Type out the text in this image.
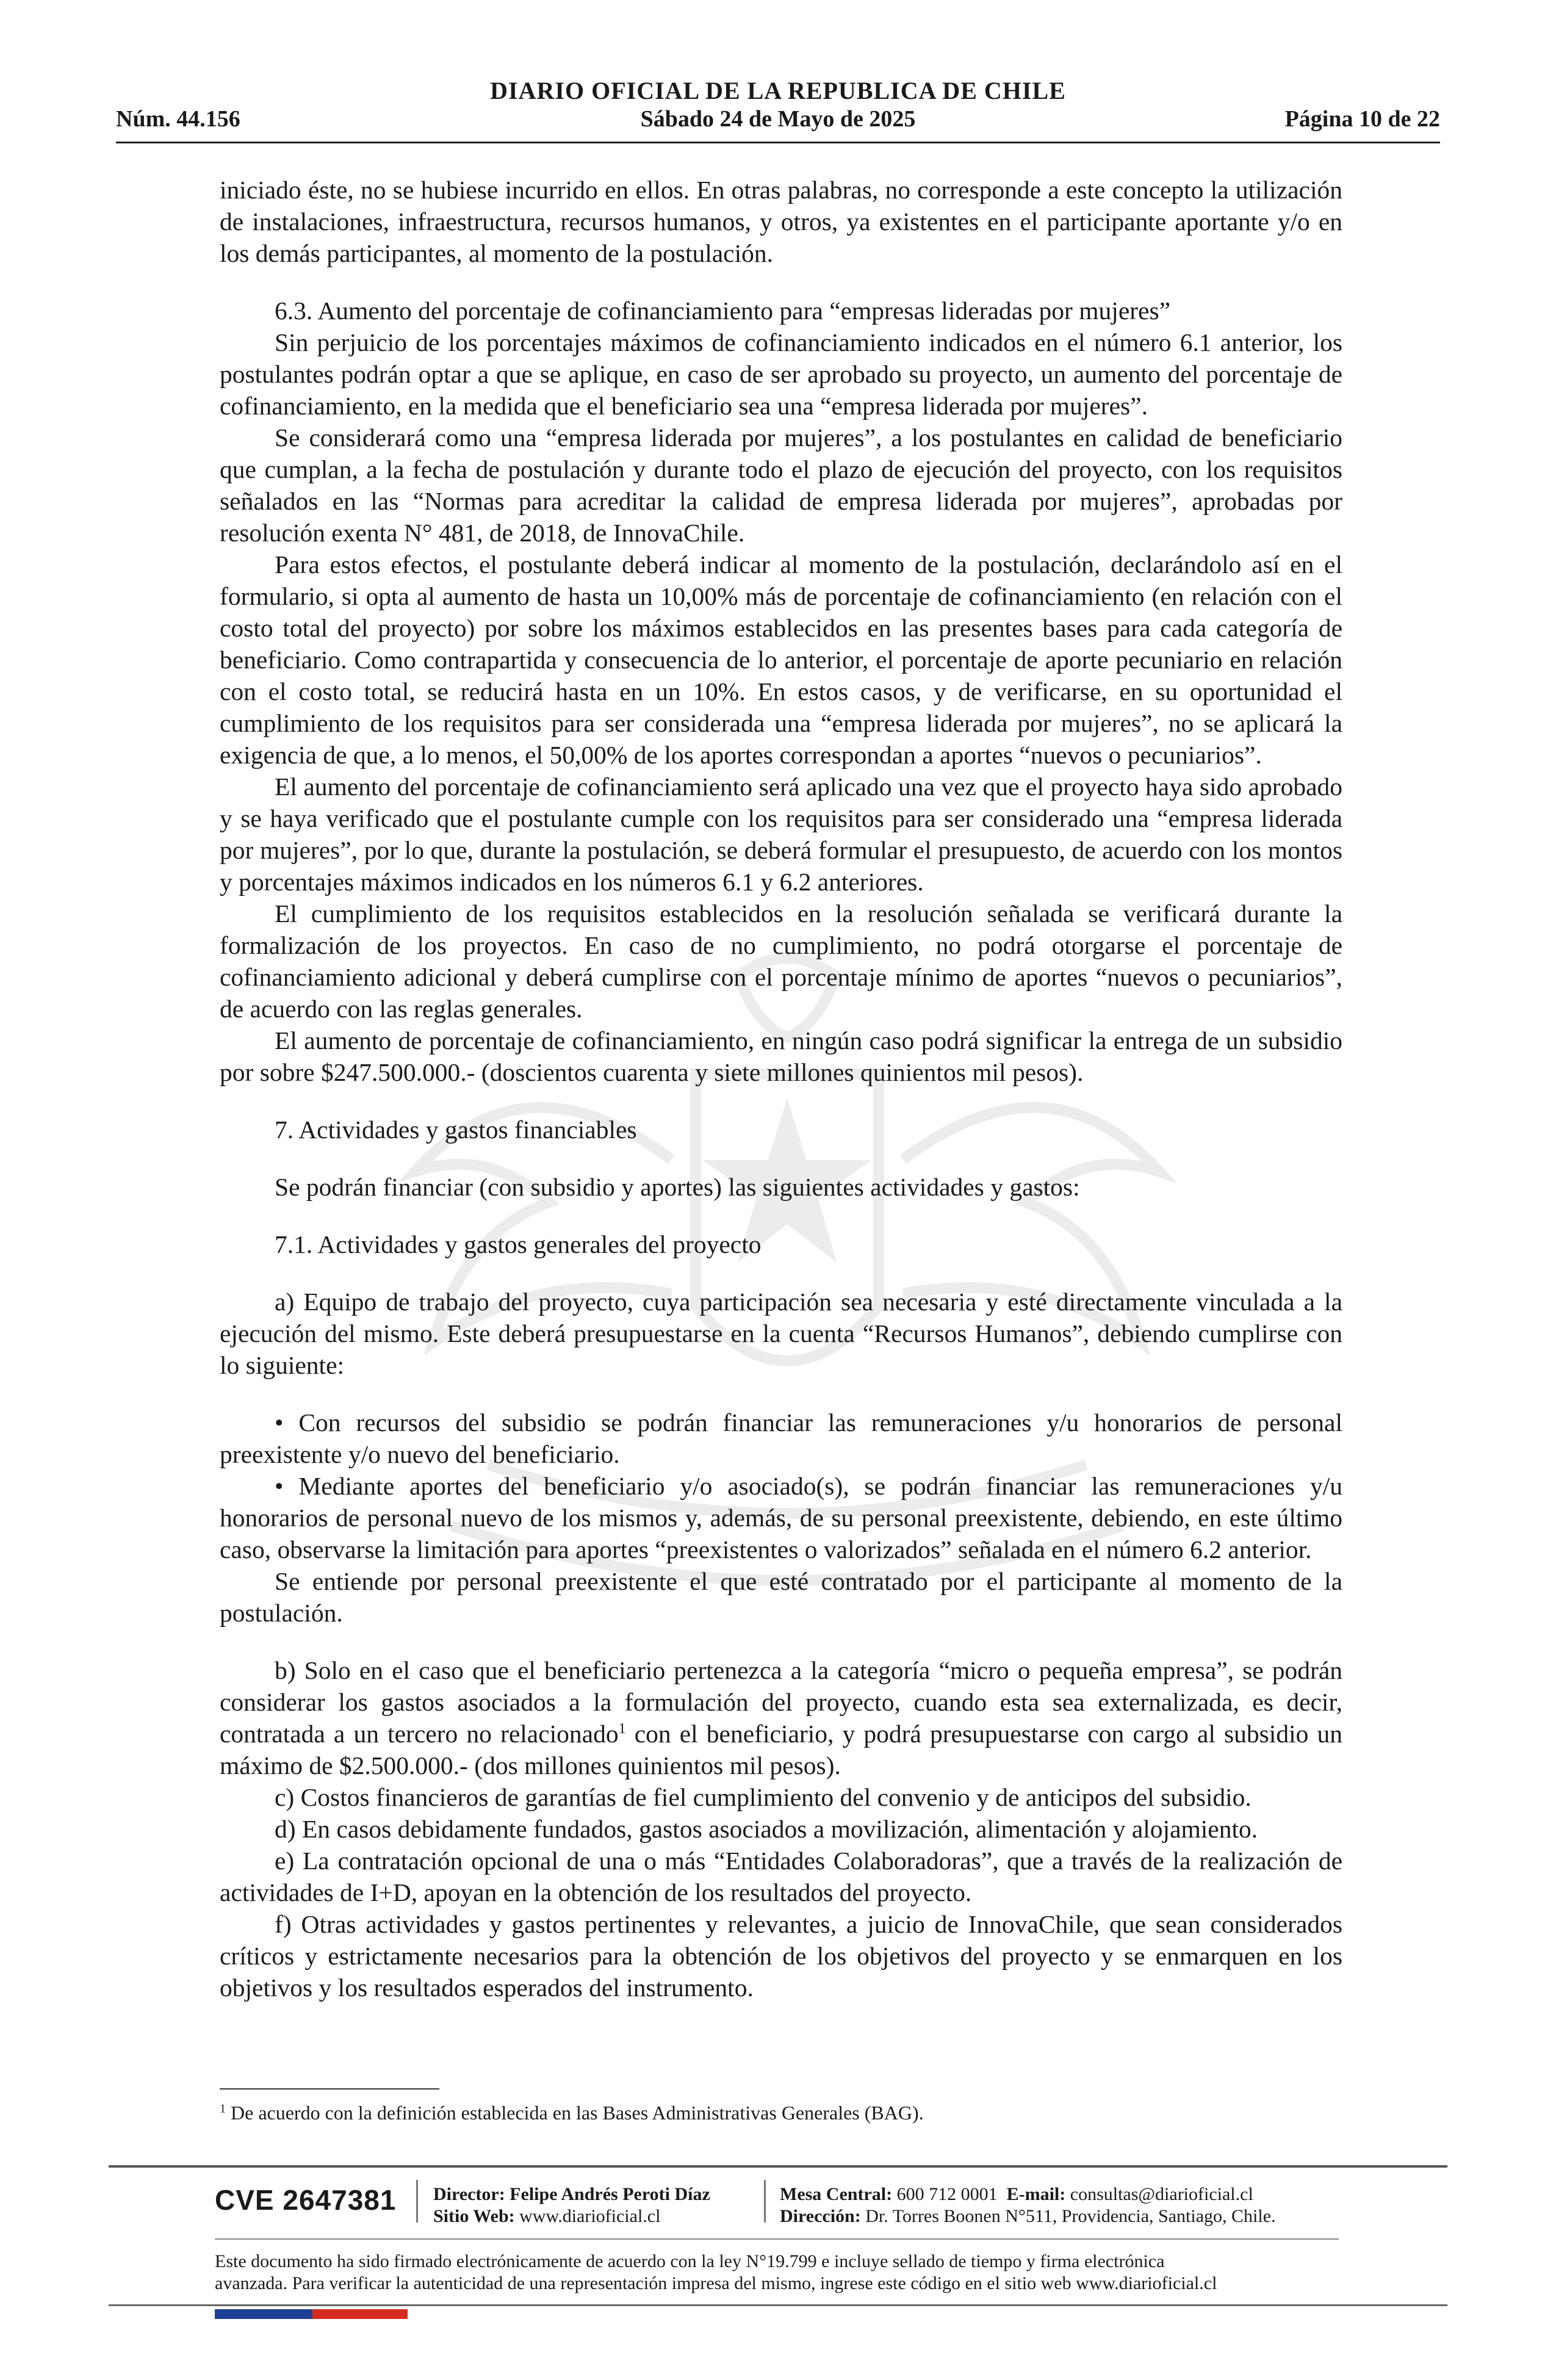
DIARIO OFICIAL DE LA REPUBLICA DE CHILE
Sábado 24 de Mayo de 2025
Núm. 44.156	Página 10 de 22

iniciado éste, no se hubiese incurrido en ellos. En otras palabras, no corresponde a este concepto la utilización de instalaciones, infraestructura, recursos humanos, y otros, ya existentes en el participante aportante y/o en los demás participantes, al momento de la postulación.

6.3. Aumento del porcentaje de cofinanciamiento para “empresas lideradas por mujeres”

Sin perjuicio de los porcentajes máximos de cofinanciamiento indicados en el número 6.1 anterior, los postulantes podrán optar a que se aplique, en caso de ser aprobado su proyecto, un aumento del porcentaje de cofinanciamiento, en la medida que el beneficiario sea una “empresa liderada por mujeres”.

Se considerará como una “empresa liderada por mujeres”, a los postulantes en calidad de beneficiario que cumplan, a la fecha de postulación y durante todo el plazo de ejecución del proyecto, con los requisitos señalados en las “Normas para acreditar la calidad de empresa liderada por mujeres”, aprobadas por resolución exenta N° 481, de 2018, de InnovaChile.

Para estos efectos, el postulante deberá indicar al momento de la postulación, declarándolo así en el formulario, si opta al aumento de hasta un 10,00% más de porcentaje de cofinanciamiento (en relación con el costo total del proyecto) por sobre los máximos establecidos en las presentes bases para cada categoría de beneficiario. Como contrapartida y consecuencia de lo anterior, el porcentaje de aporte pecuniario en relación con el costo total, se reducirá hasta en un 10%. En estos casos, y de verificarse, en su oportunidad el cumplimiento de los requisitos para ser considerada una “empresa liderada por mujeres”, no se aplicará la exigencia de que, a lo menos, el 50,00% de los aportes correspondan a aportes “nuevos o pecuniarios”.

El aumento del porcentaje de cofinanciamiento será aplicado una vez que el proyecto haya sido aprobado y se haya verificado que el postulante cumple con los requisitos para ser considerado una “empresa liderada por mujeres”, por lo que, durante la postulación, se deberá formular el presupuesto, de acuerdo con los montos y porcentajes máximos indicados en los números 6.1 y 6.2 anteriores.

El cumplimiento de los requisitos establecidos en la resolución señalada se verificará durante la formalización de los proyectos. En caso de no cumplimiento, no podrá otorgarse el porcentaje de cofinanciamiento adicional y deberá cumplirse con el porcentaje mínimo de aportes “nuevos o pecuniarios”, de acuerdo con las reglas generales.

El aumento de porcentaje de cofinanciamiento, en ningún caso podrá significar la entrega de un subsidio por sobre $247.500.000.- (doscientos cuarenta y siete millones quinientos mil pesos).

7. Actividades y gastos financiables

Se podrán financiar (con subsidio y aportes) las siguientes actividades y gastos:

7.1. Actividades y gastos generales del proyecto

a) Equipo de trabajo del proyecto, cuya participación sea necesaria y esté directamente vinculada a la ejecución del mismo. Este deberá presupuestarse en la cuenta “Recursos Humanos”, debiendo cumplirse con lo siguiente:

• Con recursos del subsidio se podrán financiar las remuneraciones y/u honorarios de personal preexistente y/o nuevo del beneficiario.

• Mediante aportes del beneficiario y/o asociado(s), se podrán financiar las remuneraciones y/u honorarios de personal nuevo de los mismos y, además, de su personal preexistente, debiendo, en este último caso, observarse la limitación para aportes “preexistentes o valorizados” señalada en el número 6.2 anterior.

Se entiende por personal preexistente el que esté contratado por el participante al momento de la postulación.

b) Solo en el caso que el beneficiario pertenezca a la categoría “micro o pequeña empresa”, se podrán considerar los gastos asociados a la formulación del proyecto, cuando esta sea externalizada, es decir, contratada a un tercero no relacionado$^1$ con el beneficiario, y podrá presupuestarse con cargo al subsidio un máximo de $2.500.000.- (dos millones quinientos mil pesos).

c) Costos financieros de garantías de fiel cumplimiento del convenio y de anticipos del subsidio.

d) En casos debidamente fundados, gastos asociados a movilización, alimentación y alojamiento.

e) La contratación opcional de una o más “Entidades Colaboradoras”, que a través de la realización de actividades de I+D, apoyan en la obtención de los resultados del proyecto.

f) Otras actividades y gastos pertinentes y relevantes, a juicio de InnovaChile, que sean considerados críticos y estrictamente necesarios para la obtención de los objetivos del proyecto y se enmarquen en los objetivos y los resultados esperados del instrumento.

$^1$ De acuerdo con la definición establecida en las Bases Administrativas Generales (BAG).
CVE 2647381 Director: Felipe Andrés Peroti Díaz
Sitio Web: www.diarioficial.cl
Mesa Central: 600 712 0001 E-mail: consultas@diarioficial.cl
Dirección: Dr. Torres Boonen N°511, Providencia, Santiago, Chile.
Este documento ha sido firmado electrónicamente de acuerdo con la ley N°19.799 e incluye sellado de tiempo y firma electrónica
avanzada. Para verificar la autenticidad de una representación impresa del mismo, ingrese este código en el sitio web www.diarioficial.cl
